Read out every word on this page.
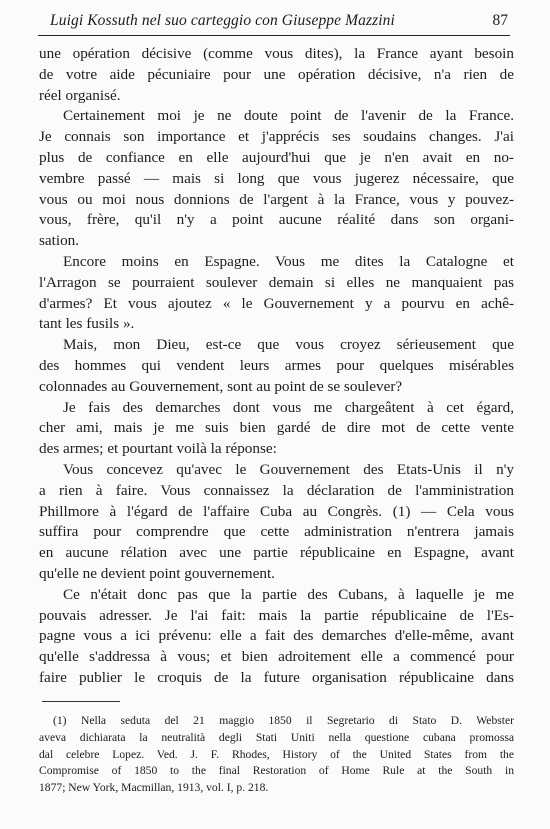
Luigi Kossuth nel suo carteggio con Giuseppe Mazzini	87
une opération décisive (comme vous dites), la France ayant besoin
de votre aide pécuniaire pour une opération décisive, n'a rien de
réel organisé.
Certainement moi je ne doute point de l'avenir de la France.
Je connais son importance et j'apprécis ses soudains changes. J'ai
plus de confiance en elle aujourd'hui que je n'en avait en no-
vembre passé — mais si long que vous jugerez nécessaire, que
vous ou moi nous donnions de l'argent à la France, vous y pouvez-
vous, frère, qu'il n'y a point aucune réalité dans son organi-
sation.
Encore moins en Espagne. Vous me dites la Catalogne et
l'Arragon se pourraient soulever demain si elles ne manquaient pas
d'armes? Et vous ajoutez « le Gouvernement y a pourvu en achê-
tant les fusils ».
Mais, mon Dieu, est-ce que vous croyez sérieusement que
des hommes qui vendent leurs armes pour quelques misérables
colonnades au Gouvernement, sont au point de se soulever?
Je fais des demarches dont vous me chargeâtent à cet égard,
cher ami, mais je me suis bien gardé de dire mot de cette vente
des armes; et pourtant voilà la réponse:
Vous concevez qu'avec le Gouvernement des Etats-Unis il n'y
a rien à faire. Vous connaissez la déclaration de l'amministration
Phillmore à l'égard de l'affaire Cuba au Congrès. (1) — Cela vous
suffira pour comprendre que cette administration n'entrera jamais
en aucune rélation avec une partie républicaine en Espagne, avant
qu'elle ne devient point gouvernement.
Ce n'était donc pas que la partie des Cubans, à laquelle je me
pouvais adresser. Je l'ai fait: mais la partie républicaine de l'Es-
pagne vous a ici prévenu: elle a fait des demarches d'elle-même, avant
qu'elle s'addressa à vous; et bien adroitement elle a commencé pour
faire publier le croquis de la future organisation républicaine dans
(1) Nella seduta del 21 maggio 1850 il Segretario di Stato D. Webster
aveva dichiarata la neutralità degli Stati Uniti nella questione cubana promossa
dal celebre Lopez. Ved. J. F. Rhodes, History of the United States from the
Compromise of 1850 to the final Restoration of Home Rule at the South in
1877; New York, Macmillan, 1913, vol. I, p. 218.
